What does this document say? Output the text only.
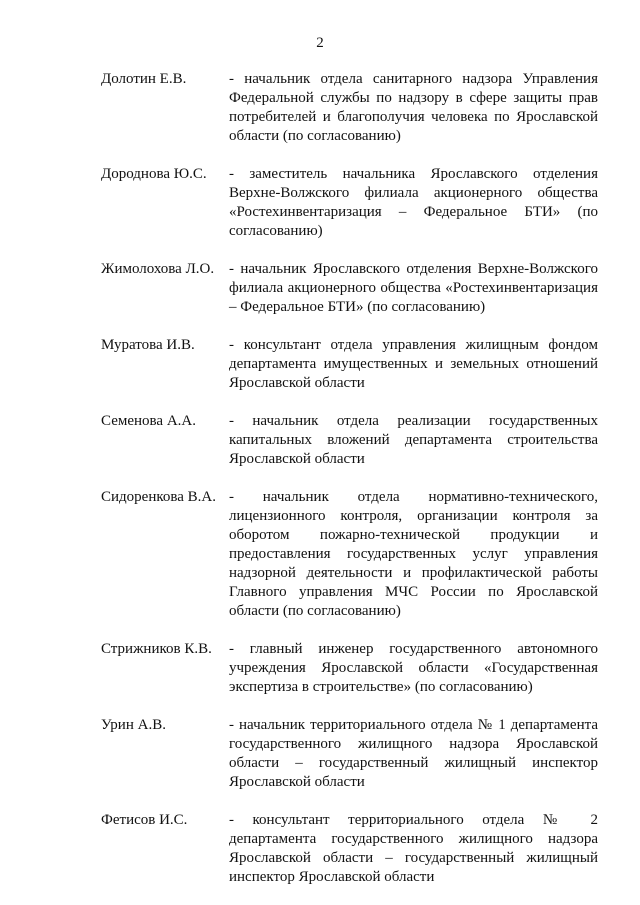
2
Долотин Е.В.	- начальник отдела санитарного надзора Управления Федеральной службы по надзору в сфере защиты прав потребителей и благополучия человека по Ярославской области (по согласованию)
Дороднова Ю.С.	- заместитель начальника Ярославского отделения Верхне-Волжского филиала акционерного общества «Ростехинвентаризация – Федеральное БТИ» (по согласованию)
Жимолохова Л.О. - начальник Ярославского отделения Верхне-Волжского филиала акционерного общества «Ростехинвентаризация – Федеральное БТИ» (по согласованию)
Муратова И.В.	- консультант отдела управления жилищным фондом департамента имущественных и земельных отношений Ярославской области
Семенова А.А.	- начальник отдела реализации государственных капитальных вложений департамента строительства Ярославской области
Сидоренкова В.А. - начальник отдела нормативно-технического, лицензионного контроля, организации контроля за оборотом пожарно-технической продукции и предоставления государственных услуг управления надзорной деятельности и профилактической работы Главного управления МЧС России по Ярославской области (по согласованию)
Стрижников К.В.	- главный инженер государственного автономного учреждения Ярославской области «Государственная экспертиза в строительстве» (по согласованию)
Урин А.В.	- начальник территориального отдела № 1 департамента государственного жилищного надзора Ярославской области – государственный жилищный инспектор Ярославской области
Фетисов И.С.	- консультант территориального отдела № 2 департамента государственного жилищного надзора Ярославской области – государственный жилищный инспектор Ярославской области
